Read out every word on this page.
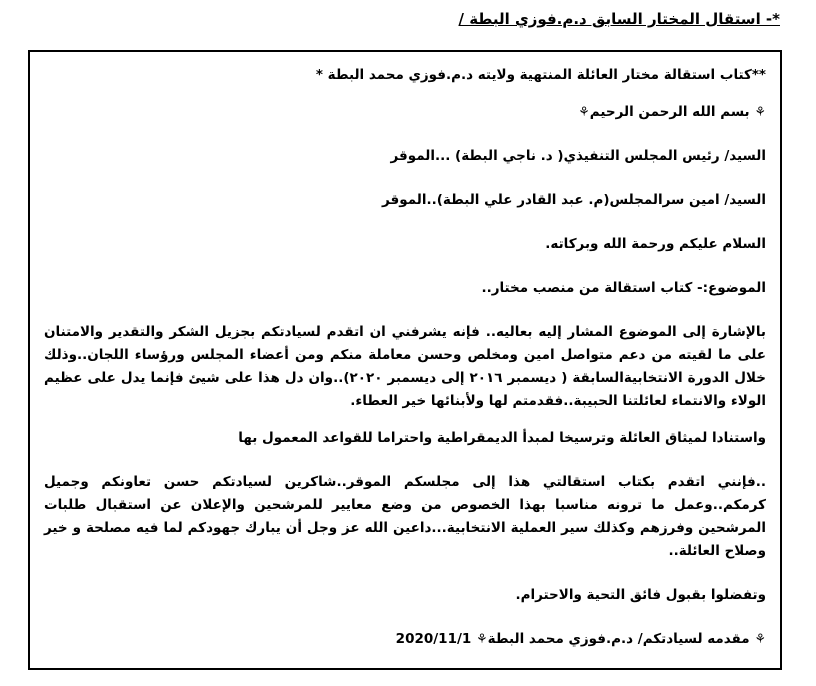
*- استقال المختار السابق د.م.فوزي البطة /

**كتاب استقالة مختار العائلة المنتهية ولايته د.م.فوزي محمد البطة *

⚘ بسم الله الرحمن الرحيم⚘

السيد/ رئيس المجلس التنفيذي( د. ناجي البطة) ...الموقر

السيد/ امين سرالمجلس(م. عبد القادر علي البطة)..الموقر

السلام عليكم ورحمة الله وبركاته.

الموضوع:- كتاب استقالة من منصب مختار..

بالإشارة إلى الموضوع المشار إليه بعاليه.. فإنه يشرفني ان اتقدم لسيادتكم بجزيل الشكر والتقدير والامتنان على ما لقيته من دعم متواصل امين ومخلص وحسن معاملة منكم ومن أعضاء المجلس ورؤساء اللجان..وذلك خلال الدورة الانتخابيةالسابقة ( ديسمبر ٢٠١٦ إلى ديسمبر ٢٠٢٠)..وان دل هذا على شيئ فإنما يدل على عظيم الولاء والانتماء لعائلتنا الحبيبة..فقدمتم لها ولأبنائها خير العطاء.

واستنادا لميثاق العائلة وترسيخا لمبدأ الديمقراطية واحتراما للقواعد المعمول بها

..فإنني اتقدم بكتاب استقالتي هذا إلى مجلسكم الموقر..شاكرين لسيادتكم حسن تعاونكم وجميل كرمكم..وعمل ما ترونه مناسبا بهذا الخصوص من وضع معايير للمرشحين والإعلان عن استقبال طلبات المرشحين وفرزهم وكذلك سير العملية الانتخابية...داعين الله عز وجل أن يبارك جهودكم لما فيه مصلحة و خير وصلاح العائلة..

وتفضلوا بقبول فائق التحية والاحترام.

⚘ مقدمه لسيادتكم/ د.م.فوزي محمد البطة⚘ 2020/11/1
